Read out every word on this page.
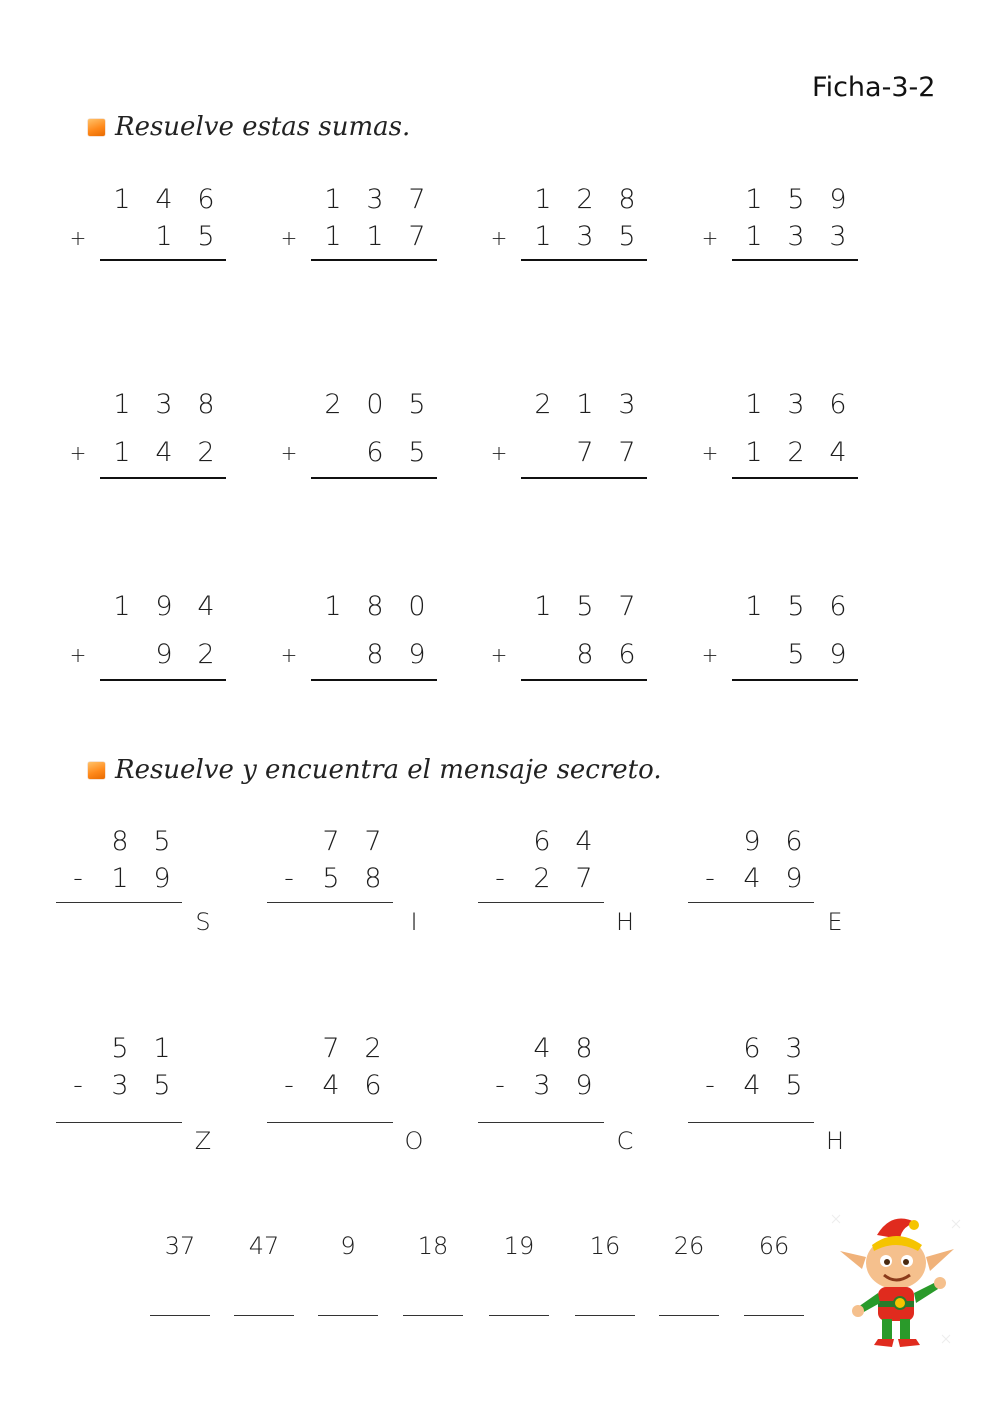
Ficha-3-2
Resuelve estas sumas.
Resuelve y encuentra el mensaje secreto.
1 4 6
+	1 5
1 3 7
+ 1 1 7
1 2 8
+ 1 3 5
1 5 9
+ 1 3 3
1 3 8
+ 1 4 2
2 0 5
+	6 5
2 1 3
+	7 7
1 3 6
+ 1 2 4
1 9 4
+	9 2
1 8 0
+	8 9
1 5 7
+	8 6
1 5 6
+	5 9
8 5
- 1 9
S
7 7
- 5 8
I
6 4
- 2 7
H
9 6
- 4 9
E
5 1
- 3 5
Z
7 2
- 4 6
O
4 8
- 3 9
C
6 3
- 4 5
H
37	47	9	18	19	16	26	66
